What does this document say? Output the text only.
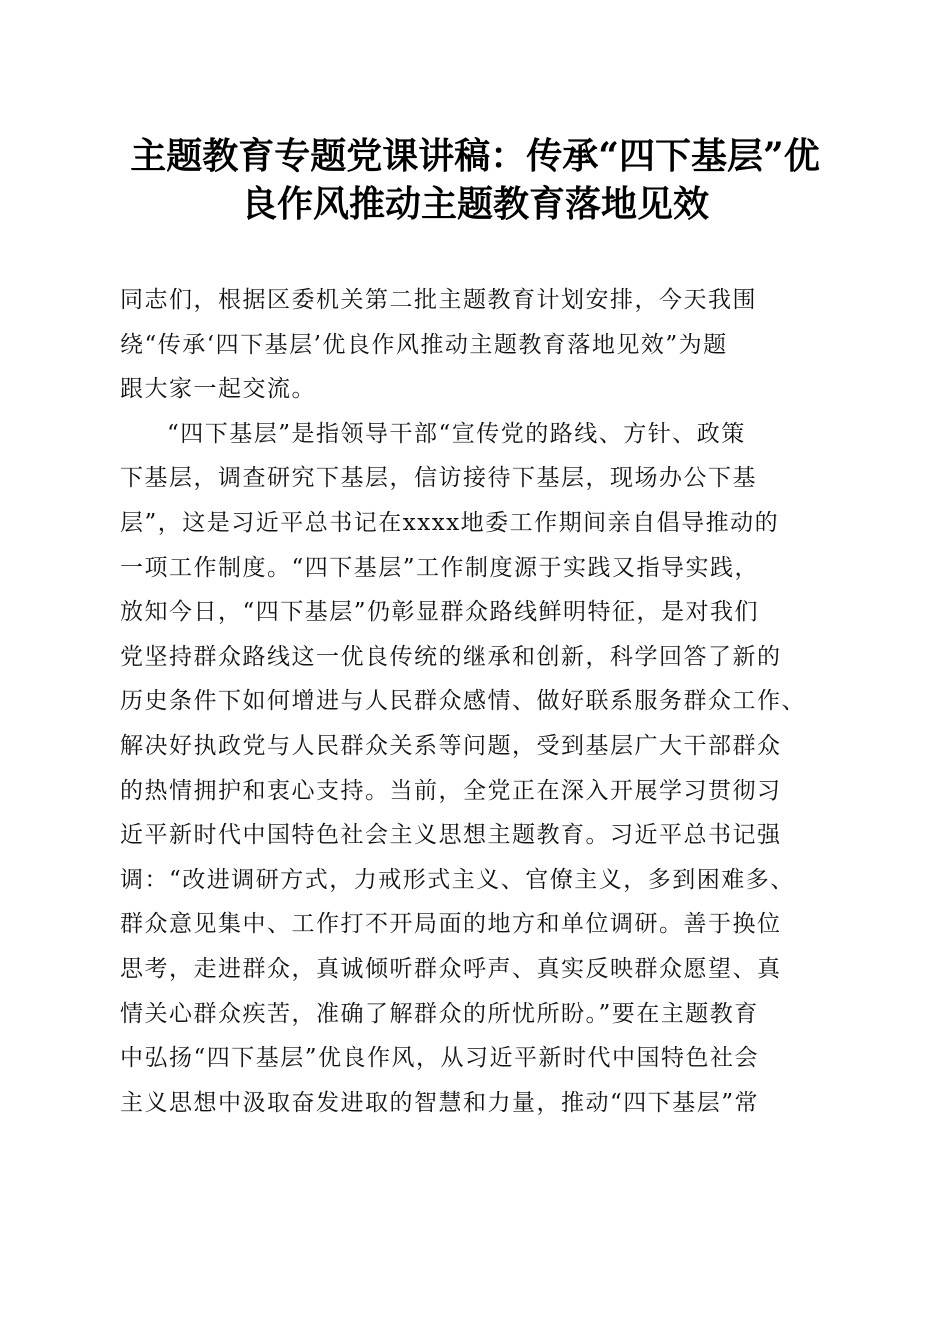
主题教育专题党课讲稿：传承“四下基层”优
良作风推动主题教育落地见效

同志们，根据区委机关第二批主题教育计划安排，今天我围
绕“传承‘四下基层’优良作风推动主题教育落地见效”为题
跟大家一起交流。

“四下基层”是指领导干部“宣传党的路线、方针、政策
下基层，调查研究下基层，信访接待下基层，现场办公下基
层”，这是习近平总书记在xxxx地委工作期间亲自倡导推动的
一项工作制度。“四下基层”工作制度源于实践又指导实践，
放知今日，“四下基层”仍彰显群众路线鲜明特征，是对我们
党坚持群众路线这一优良传统的继承和创新，科学回答了新的
历史条件下如何增进与人民群众感情、做好联系服务群众工作、
解决好执政党与人民群众关系等问题，受到基层广大干部群众
的热情拥护和衷心支持。当前，全党正在深入开展学习贯彻习
近平新时代中国特色社会主义思想主题教育。习近平总书记强
调：“改进调研方式，力戒形式主义、官僚主义，多到困难多、
群众意见集中、工作打不开局面的地方和单位调研。善于换位
思考，走进群众，真诚倾听群众呼声、真实反映群众愿望、真
情关心群众疾苦，准确了解群众的所忧所盼。”要在主题教育
中弘扬“四下基层”优良作风，从习近平新时代中国特色社会
主义思想中汲取奋发进取的智慧和力量，推动“四下基层”常
